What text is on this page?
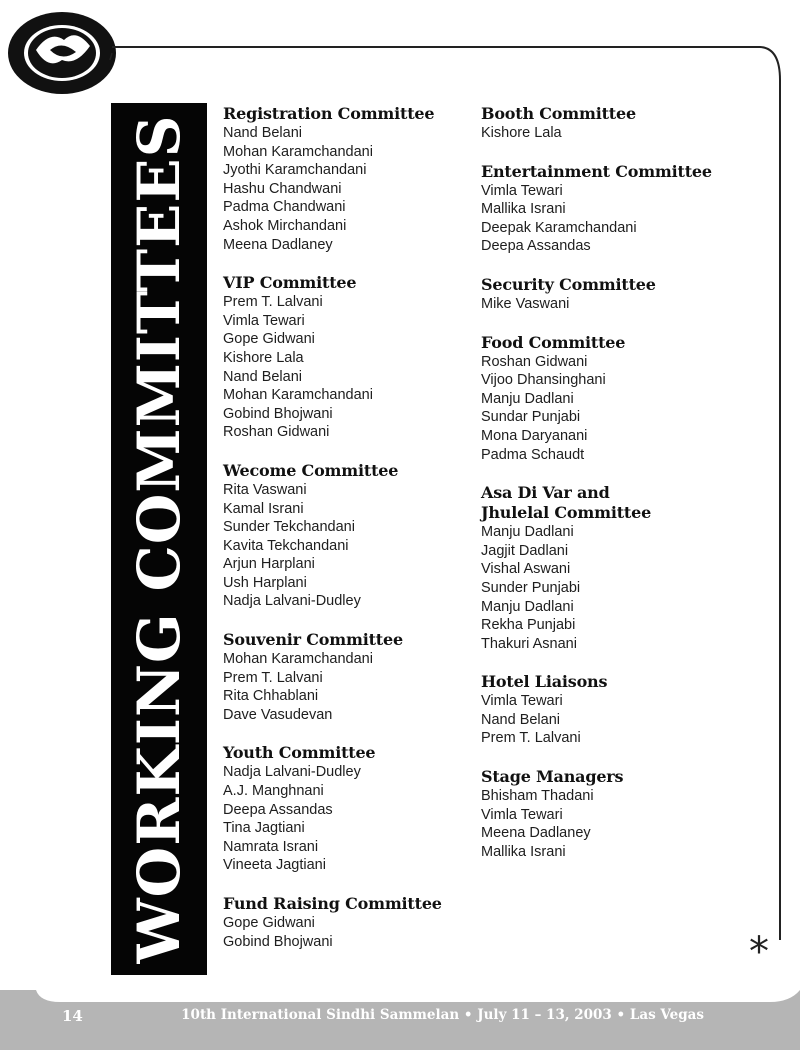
WORKING COMMITTEES
Registration Committee
Nand Belani
Mohan Karamchandani
Jyothi Karamchandani
Hashu Chandwani
Padma Chandwani
Ashok Mirchandani
Meena Dadlaney
VIP Committee
Prem T. Lalvani
Vimla Tewari
Gope Gidwani
Kishore Lala
Nand Belani
Mohan Karamchandani
Gobind Bhojwani
Roshan Gidwani
Wecome Committee
Rita Vaswani
Kamal Israni
Sunder Tekchandani
Kavita Tekchandani
Arjun Harplani
Ush Harplani
Nadja Lalvani-Dudley
Souvenir Committee
Mohan Karamchandani
Prem T. Lalvani
Rita Chhablani
Dave Vasudevan
Youth Committee
Nadja Lalvani-Dudley
A.J. Manghnani
Deepa Assandas
Tina Jagtiani
Namrata Israni
Vineeta Jagtiani
Fund Raising Committee
Gope Gidwani
Gobind Bhojwani
Booth Committee
Kishore Lala
Entertainment Committee
Vimla Tewari
Mallika Israni
Deepak Karamchandani
Deepa Assandas
Security Committee
Mike Vaswani
Food Committee
Roshan Gidwani
Vijoo Dhansinghani
Manju Dadlani
Sundar Punjabi
Mona Daryanani
Padma Schaudt
Asa Di Var and Jhulelal Committee
Manju Dadlani
Jagjit Dadlani
Vishal Aswani
Sunder Punjabi
Manju Dadlani
Rekha Punjabi
Thakuri Asnani
Hotel Liaisons
Vimla Tewari
Nand Belani
Prem T. Lalvani
Stage Managers
Bhisham Thadani
Vimla Tewari
Meena Dadlaney
Mallika Israni
*
14	10th International Sindhi Sammelan • July 11 – 13, 2003 • Las Vegas
